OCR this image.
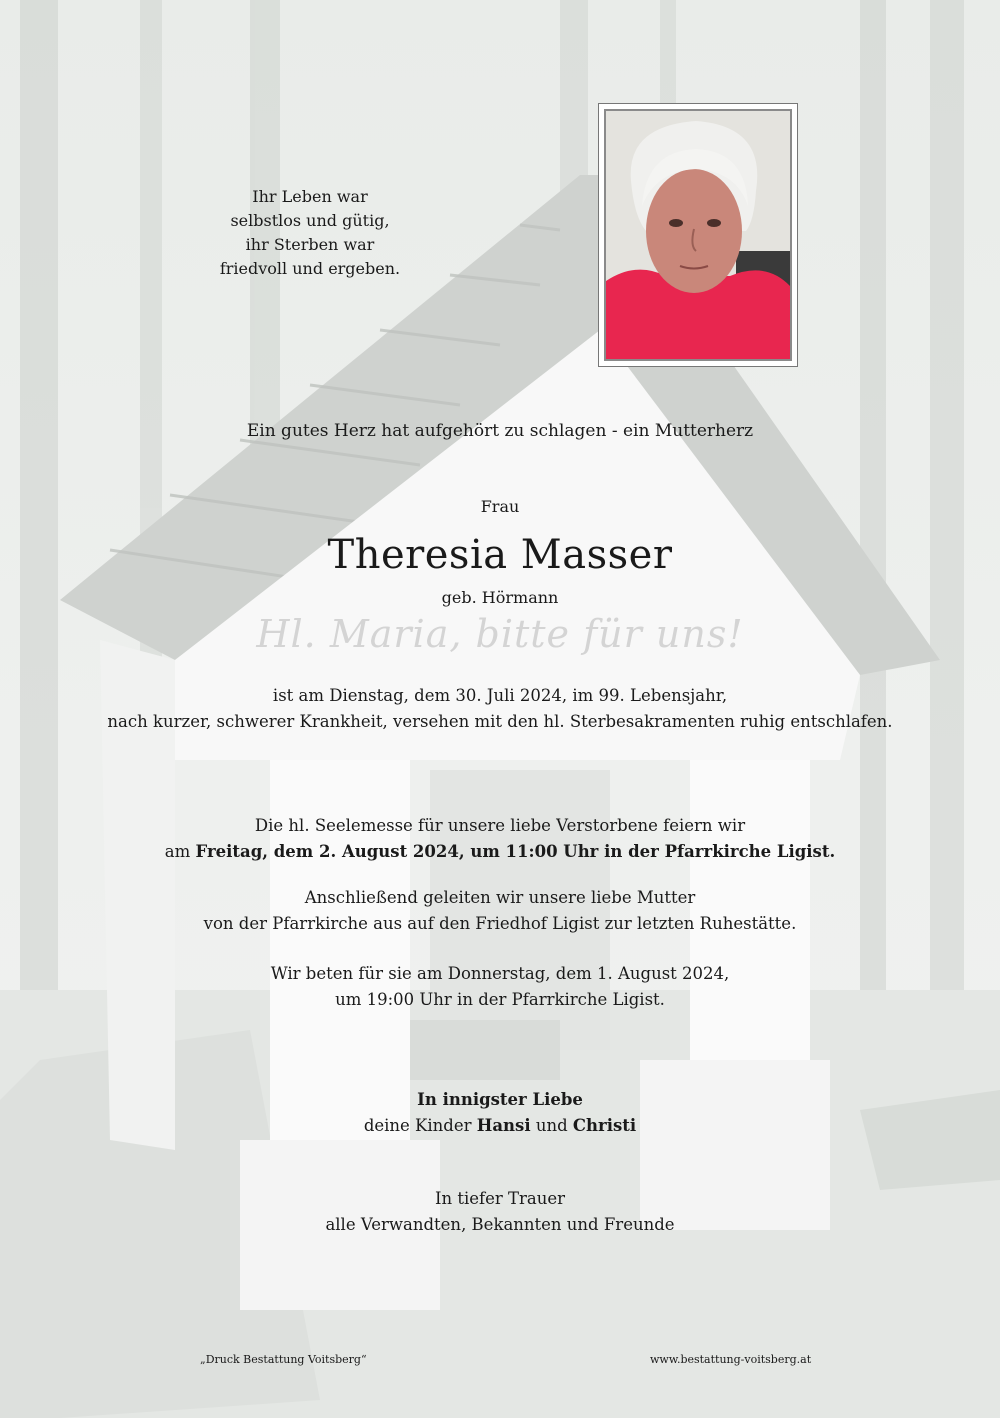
Ihr Leben war
selbstlos und gütig,
ihr Sterben war
friedvoll und ergeben.
Ein gutes Herz hat aufgehört zu schlagen - ein Mutterherz
Frau
Theresia Masser
geb. Hörmann
Hl. Maria, bitte für uns!
ist am Dienstag, dem 30. Juli 2024, im 99. Lebensjahr,
nach kurzer, schwerer Krankheit, versehen mit den hl. Sterbesakramenten ruhig entschlafen.
Die hl. Seelemesse für unsere liebe Verstorbene feiern wir
am Freitag, dem 2. August 2024, um 11:00 Uhr in der Pfarrkirche Ligist.
Anschließend geleiten wir unsere liebe Mutter
von der Pfarrkirche aus auf den Friedhof Ligist zur letzten Ruhestätte.
Wir beten für sie am Donnerstag, dem 1. August 2024,
um 19:00 Uhr in der Pfarrkirche Ligist.
In innigster Liebe
deine Kinder Hansi und Christi
In tiefer Trauer
alle Verwandten, Bekannten und Freunde
„Druck Bestattung Voitsberg“	www.bestattung-voitsberg.at
